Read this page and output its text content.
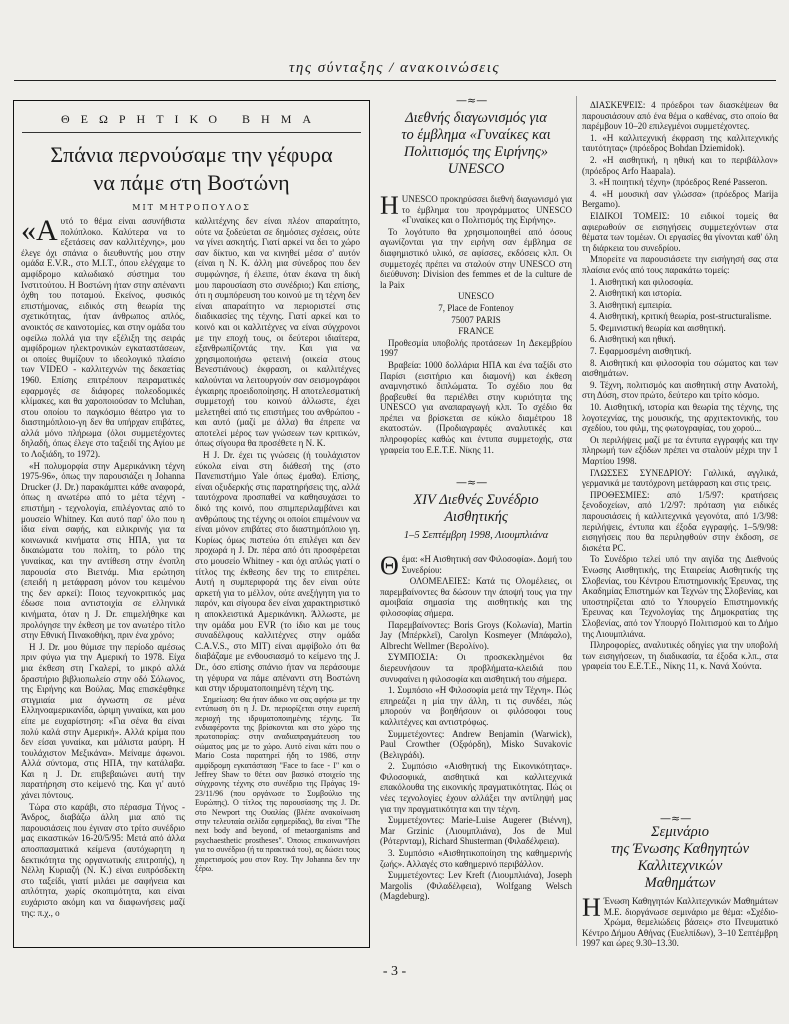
της σύνταξης / ανακοινώσεις
ΘΕΩΡΗΤΙΚΟ ΒΗΜΑ
Σπάνια περνούσαμε την γέφυρα
να πάμε στη Βοστώνη
ΜΙΤ ΜΗΤΡΟΠΟΥΛΟΣ

«Αυτό το θέμα είναι ασυνήθιστα πολύπλοκο. Καλύτερα να το εξετάσεις σαν καλλιτέχνης», μου έλεγε όχι σπάνια ο διευθυντής μου στην ομάδα E.V.R., στο M.I.T., όπου ελέγχαμε το αμφίδρομο καλωδιακό σύστημα του Ινστιτούτου. Η Βοστώνη ήταν στην απέναντι όχθη του ποταμού. Εκείνος, φυσικός επιστήμονας, ειδικός στη θεωρία της σχετικότητας, ήταν άνθρωπος απλός, ανοικτός σε καινοτομίες, και στην ομάδα του οφείλω πολλά για την εξέλιξη της σειράς αμφίδρομων ηλεκτρονικών εγκαταστάσεων, οι οποίες θυμίζουν το ιδεολογικό πλαίσιο των VIDEO - καλλιτεχνών της δεκαετίας 1960. Επίσης επιτρέπουν πειραματικές εφαρμογές σε διάφορες πολεοδομικές κλίμακες, και θα χαροποιούσαν το Mcluhan, στου οποίου το παγκόσμιο θέατρο για το διαστημόπλοιο-γη δεν θα υπήρχαν επιβάτες, αλλά μόνο πλήρωμα (όλοι συμμετέχοντες δηλαδή, όπως έλεγε στο ταξειδί της Αγίου με το Λοξιάδη, το 1972).

«Η πολυμορφία στην Αμερικάνικη τέχνη 1975-96», όπως την παρουσιάζει η Johanna Drucker (J. Dr.) παρακάμπτει κάθε αναφορά, όπως η ανωτέρω από το μέτα τέχνη - επιστήμη - τεχνολογία, επιλέγοντας από το μουσείο Whitney. Και αυτό παρ' όλο που η ίδια είναι σαφής, και ειλικρινής για τα κοινωνικά κινήματα στις ΗΠΑ, για τα δικαιώματα του πολίτη, το ρόλο της γυναίκας, και την αντίθεση στην ένοπλη παρουσία στο Βιετνάμ. Μια ερώτηση (επειδή η μετάφραση μόνον του κειμένου της δεν αρκεί): Ποιος τεχνοκριτικός μας έδωσε ποια αντιστοιχία σε ελληνικά κινήματα, όταν η J. Dr. επιμελήθηκε και προλόγησε την έκθεση με τον ανωτέρο τίτλο στην Εθνική Πινακοθήκη, πριν ένα χρόνο;

Η J. Dr. μου θύμισε την περίοδο αμέσως πριν φύγω για την Αμερική το 1978. Είχα μια έκθεση στη Γκαλερί, το μικρό αλλά δραστήριο βιβλιοπωλείο στην οδό Σόλωνος, της Ειρήνης και Βούλας. Μας επισκέφθηκε στιγμιαία μια άγνωστη σε μένα Ελληνοαμερικανίδα, ώριμη γυναίκα, και μου είπε με ευχαρίστηση: «Για σένα θα είναι πολύ καλά στην Αμερική». Αλλά κρίμα που δεν είσαι γυναίκα, και μάλιστα μαύρη. Η τουλάχιστον Μεξικάνα». Μείναμε άφωνοι. Αλλά σύντομα, στις ΗΠΑ, την κατάλαβα. Και η J. Dr. επιβεβαιώνει αυτή την παρατήρηση στο κείμενό της. Και γι' αυτό χάνει πόντους.

Τώρα στο καράβι, στο πέρασμα Τήνος - Άνδρος, διαβάζω άλλη μια από τις παρουσιάσεις που έγιναν στο τρίτο συνέδριο μας εικαστικών 16-20/5/95: Μετά από άλλα αποσπασματικά κείμενα (αυτόχωρητη η δεκτικότητα της οργανωτικής επιτροπής), η Νέλλη Κυριαζή (Ν. Κ.) είναι ευπρόσδεκτη στο ταξείδι, γιατί μιλάει με σαφήνεια και απλότητα, χωρίς σκοπιμότητα, και είναι ευχάριστο ακόμη και να διαφωνήσεις μαζί της: π.χ., ο

καλλιτέχνης δεν είναι πλέον απαραίτητο, ούτε να ξοδεύεται σε δημόσιες σχέσεις, ούτε να γίνει ασκητής. Γιατί αρκεί να δει το χώρο σαν δίκτυο, και να κινηθεί μέσα σ' αυτόν (είναι η Ν. Κ. άλλη μια σύνεδρος που δεν συμφώνησε, ή έλειπε, όταν έκανα τη δική μου παρουσίαση στο συνέδριο;) Και επίσης, ότι η συμπόρευση του κοινού με τη τέχνη δεν είναι απαραίτητο να περιοριστεί στις διαδικασίες της τέχνης. Γιατί αρκεί και το κοινό και οι καλλιτέχνες να είναι σύγχρονοι με την εποχή τους, οι δεύτεροι ιδιαίτερα, εξανθρωπίζοντάς την. Και για να χρησιμοποιήσω φετεινή (οικεία στους Βενεστιάνους) έκφραση, οι καλλιτέχνες καλούνται να λειτουργούν σαν σεισμογράφοι έγκαιρης προειδοποίησης. Η αποτελεσματική συμμετοχή του κοινού άλλωστε, έχει μελετηθεί από τις επιστήμες του ανθρώπου - και αυτό (μαζί με άλλα) θα έπρεπε να αποτελεί μέρος των γνώσεων των κριτικών, όπως σίγουρα θα προσέθετε η Ν. Κ.

Η J. Dr. έχει τις γνώσεις (ή τουλάχιστον εύκολα είναι στη διάθεσή της (στο Πανεπιστήμιο Yale όπως έμαθα). Επίσης, είναι οξυδερκής στις παρατηρήσεις της, αλλά ταυτόχρονα προσπαθεί να καθησυχάσει το δικό της κοινό, που σπιμπεριλαμβάνει και ανθρώπους της τέχνης οι οποίοι επιμένουν να είναι μόνον επιβάτες στο διαστημόπλοιο γη. Κυρίως όμως πιστεύω ότι επιλέγει και δεν προχωρά η J. Dr. πέρα από ότι προσφέρεται στο μουσείο Whitney - και όχι απλώς γιατί ο τίτλος της έκθεσης δεν της το επιτρέπει. Αυτή η συμπεριφορά της δεν είναι ούτε αρκετή για το μέλλον, ούτε ανεξήγητη για το παρόν, και σίγουρα δεν είναι χαρακτηριστικό η αποκλειστικά Αμερικάνικη. Άλλωστε, με την ομάδα μου EVR (το ίδιο και με τους συναδέλφους καλλιτέχνες στην ομάδα C.A.V.S., στο MIT) είναι αμφίβολο ότι θα διαβάζαμε με ενθουσιασμό το κείμενο της J. Dr., όσο επίσης σπάνιο ήταν να περάσουμε τη γέφυρα να πάμε απέναντι στη Βοστώνη και στην ιδρυματοποιημένη τέχνη της.

Σημείωση: Θα ήταν άδικο να σας αφήσω με την εντύπωση ότι η J. Dr. περιορίζεται στην ευρεπή περιοχή της ιδρυματοποιημένης τέχνης. Τα ενδιαφέροντα της βρίσκονται και στο χώρο της πρωτοπορίας: στην αναδιαπραγμάτευση του σώματος μας με το χώρο. Αυτό είναι κάτι που ο Mario Costa παρατηρεί ήδη το 1986, στην αμφίδρομη εγκατάσταση "Face to face - I" και ο Jeffrey Shaw το θέτει σαν βασικό στοιχείο της σύγχρονης τέχνης στο συνέδριο της Πράγας 19-23/11/96 (που οργάνωσε το Συμβούλιο της Ευρώπης). Ο τίτλος της παρουσίασης της J. Dr. στο Newport της Ουαλίας (βλέπε ανακοίνωση στην τελευταία σελίδα εφημερίδας), θα είναι "The next body and beyond, of metaorganisms and psychaesthetic prostheses". Όποιος επικοινωνήσει για το συνέδριο (ή τα πρακτικά του), ας δώσει τους χαιρετισμούς μου στον Roy. Την Johanna δεν την ξέρω.

—≈—
Διεθνής διαγωνισμός για
το έμβλημα «Γυναίκες και
Πολιτισμός της Ειρήνης»
UNESCO

ΗUNESCO προκηρύσσει διεθνή διαγωνισμό για το έμβλημα του προγράμματος UNESCO «Γυναίκες και ο Πολιτισμός της Ειρήνης».

Το λογότυπο θα χρησιμοποιηθεί από όσους αγωνίζονται για την ειρήνη σαν έμβλημα σε διαφημιστικό υλικό, σε αφίσσες, εκδόσεις κλπ. Οι συμμετοχές πρέπει να σταλούν στην UNESCO στη διεύθυνση: Division des femmes et de la culture de la Paix

UNESCO

7, Place de Fontenoy

75007 PARIS

FRANCE

Προθεσμία υποβολής προτάσεων 1η Δεκεμβρίου 1997

Βραβεία: 1000 δολλάρια ΗΠΑ και ένα ταξίδι στο Παρίσι (εισιτήριο και διαμονή) και έκθεση αναμνηστικό διπλώματα. Το σχέδιο που θα βραβευθεί θα περιέλθει στην κυριότητα της UNESCO για αναπαραγωγή κλπ. Το σχέδιο θα πρέπει να βρίσκεται σε κύκλο διαμέτρου 18 εκατοστών. (Προδιαγραφές αναλυτικές και πληροφορίες καθώς και έντυπα συμμετοχής, στα γραφεία του Ε.Ε.Τ.Ε. Νίκης 11.

—≈—
XIV Διεθνές Συνέδριο
Αισθητικής
1–5 Σεπτέμβρη 1998, Λιουμπλιάνα

Θέμα: «Η Αισθητική σαν Φιλοσοφία». Δομή του Συνεδρίου:

ΟΛΟΜΕΛΕΙΕΣ: Κατά τις Ολομέλειες, οι παρεμβαίνοντες θα δώσουν την άποψή τους για την αμοιβαία σημασία της αισθητικής και της φιλοσοφίας σήμερα.

Παρεμβαίνοντες: Boris Groys (Κολωνία), Martin Jay (Μπέρκλεϊ), Carolyn Kosmeyer (Μπάφαλο), Albrecht Wellmer (Βερολίνο).

ΣΥΜΠΟΣΙΑ: Οι προσκεκλημένοι θα διερευνήσουν τα προβλήματα-κλειδιά που συνυφαίνει η φιλοσοφία και αισθητική του σήμερα.

1. Συμπόσιο «Η Φιλοσοφία μετά την Τέχνη». Πώς επηρεάζει η μία την άλλη, τι τις συνδέει, πώς μπορούν να βοηθήσουν οι φιλόσοφοι τους καλλιτέχνες και αντιστρόφως.

Συμμετέχοντες: Andrew Benjamin (Warwick), Paul Crowther (Οξφόρδη), Misko Suvakovic (Βελιγράδι).

2. Συμπόσιο «Αισθητική της Εικονικότητας». Φιλοσοφικά, αισθητικά και καλλιτεχνικά επακόλουθα της εικονικής πραγματικότητας. Πώς οι νέες τεχνολογίες έχουν αλλάξει την αντίληψή μας για την πραγματικότητα και την τέχνη.

Συμμετέχοντες: Marie-Luise Augerer (Βιέννη), Mar Grzinic (Λιουμπλιάνα), Jos de Mul (Ρότερνταμ), Richard Shusterman (Φιλαδέλφεια).

3. Συμπόσιο «Αισθητικοποίηση της καθημερινής ζωής». Αλλαγές στο καθημερινό περιβάλλον.

Συμμετέχοντες: Lev Kreft (Λιουμπλιάνα), Joseph Margolis (Φιλαδέλφεια), Wolfgang Welsch (Magdeburg).

ΔΙΑΣΚΕΨΕΙΣ: 4 πρόεδροι των διασκέψεων θα παρουσιάσουν από ένα θέμα ο καθένας, στο οποίο θα παρέμβουν 10–20 επιλεγμένοι συμμετέχοντες.

1. «Η καλλιτεχνική έκφραση της καλλιτεχνικής ταυτότητας» (πρόεδρος Bohdan Dziemidok).

2. «Η αισθητική, η ηθική και το περιβάλλον» (πρόεδρος Arfo Haapala).

3. «Η ποιητική τέχνη» (πρόεδρος René Passeron.

4. «Η μουσική σαν γλώσσα» (πρόεδρος Marija Bergamo).

ΕΙΔΙΚΟΙ ΤΟΜΕΙΣ: 10 ειδικοί τομείς θα αφιερωθούν σε εισηγήσεις συμμετεχόντων στα θέματα των τομέων. Οι εργασίες θα γίνονται καθ' όλη τη διάρκεια του συνεδρίου.

Μπορείτε να παρουσιάσετε την εισήγησή σας στα πλαίσια ενός από τους παρακάτω τομείς:

1. Αισθητική και φιλοσοφία.

2. Αισθητική και ιστορία.

3. Αισθητική εμπειρία.

4. Αισθητική, κριτική θεωρία, post-structuralisme.

5. Φεμινιστική θεωρία και αισθητική.

6. Αισθητική και ηθική.

7. Εφαρμοσμένη αισθητική.

8. Αισθητική και φιλοσοφία του σώματος και των αισθημάτων.

9. Τέχνη, πολιτισμός και αισθητική στην Ανατολή, στη Δύση, στον πρώτο, δεύτερο και τρίτο κόσμο.

10. Αισθητική, ιστορία και θεωρία της τέχνης, της λογοτεχνίας, της μουσικής, της αρχιτεκτονικής, του σχεδίου, του φιλμ, της φωτογραφίας, του χορού...

Οι περιλήψεις μαζί με τα έντυπα εγγραφής και την πληρωμή των εξόδων πρέπει να σταλούν μέχρι την 1 Μαρτίου 1998.

ΓΛΩΣΣΕΣ ΣΥΝΕΔΡΙΟΥ: Γαλλικά, αγγλικά, γερμανικά με ταυτόχρονη μετάφραση και στις τρεις.

ΠΡΟΘΕΣΜΙΕΣ: από 1/5/97: κρατήσεις ξενοδοχείων, από 1/2/97: πρόταση για ειδικές παρουσιάσεις ή καλλιτεχνικά γεγονότα, από 1/3/98: περιλήψεις, έντυπα και έξοδα εγγραφής. 1–5/9/98: εισηγήσεις που θα περιληφθούν στην έκδοση, σε δισκέτα PC.

Το Συνέδριο τελεί υπό την αιγίδα της Διεθνούς Ένωσης Αισθητικής, της Εταιρείας Αισθητικής της Σλοβενίας, του Κέντρου Επιστημονικής Έρευνας, της Ακαδημίας Επιστημών και Τεχνών της Σλοβενίας, και υποστηρίζεται από το Υπουργείο Επιστημονικής Έρευνας και Τεχνολογίας της Δημοκρατίας της Σλοβενίας, από τον Υπουργό Πολιτισμού και το Δήμο της Λιουμπλιάνα.

Πληροφορίες, αναλυτικές οδηγίες για την υποβολή των εισηγήσεων, τη διαδικασία, τα έξοδα κ.λπ., στα γραφεία του Ε.Ε.Τ.Ε., Νίκης 11, κ. Νανά Χούντα.

—≈—
Σεμινάριο
της Ένωσης Καθηγητών
Καλλιτεχνικών
Μαθημάτων

Η Ένωση Καθηγητών Καλλιτεχνικών Μαθημάτων Μ.Ε. διοργάνωσε σεμινάριο με θέμα: «Σχέδιο-Χρώμα, θεμελιώδεις βάσεις» στο Πνευματικό Κέντρο Δήμου Αθήνας (Ευελπίδων), 3–10 Σεπτέμβρη 1997 και ώρες 9.30–13.30.

- 3 -
